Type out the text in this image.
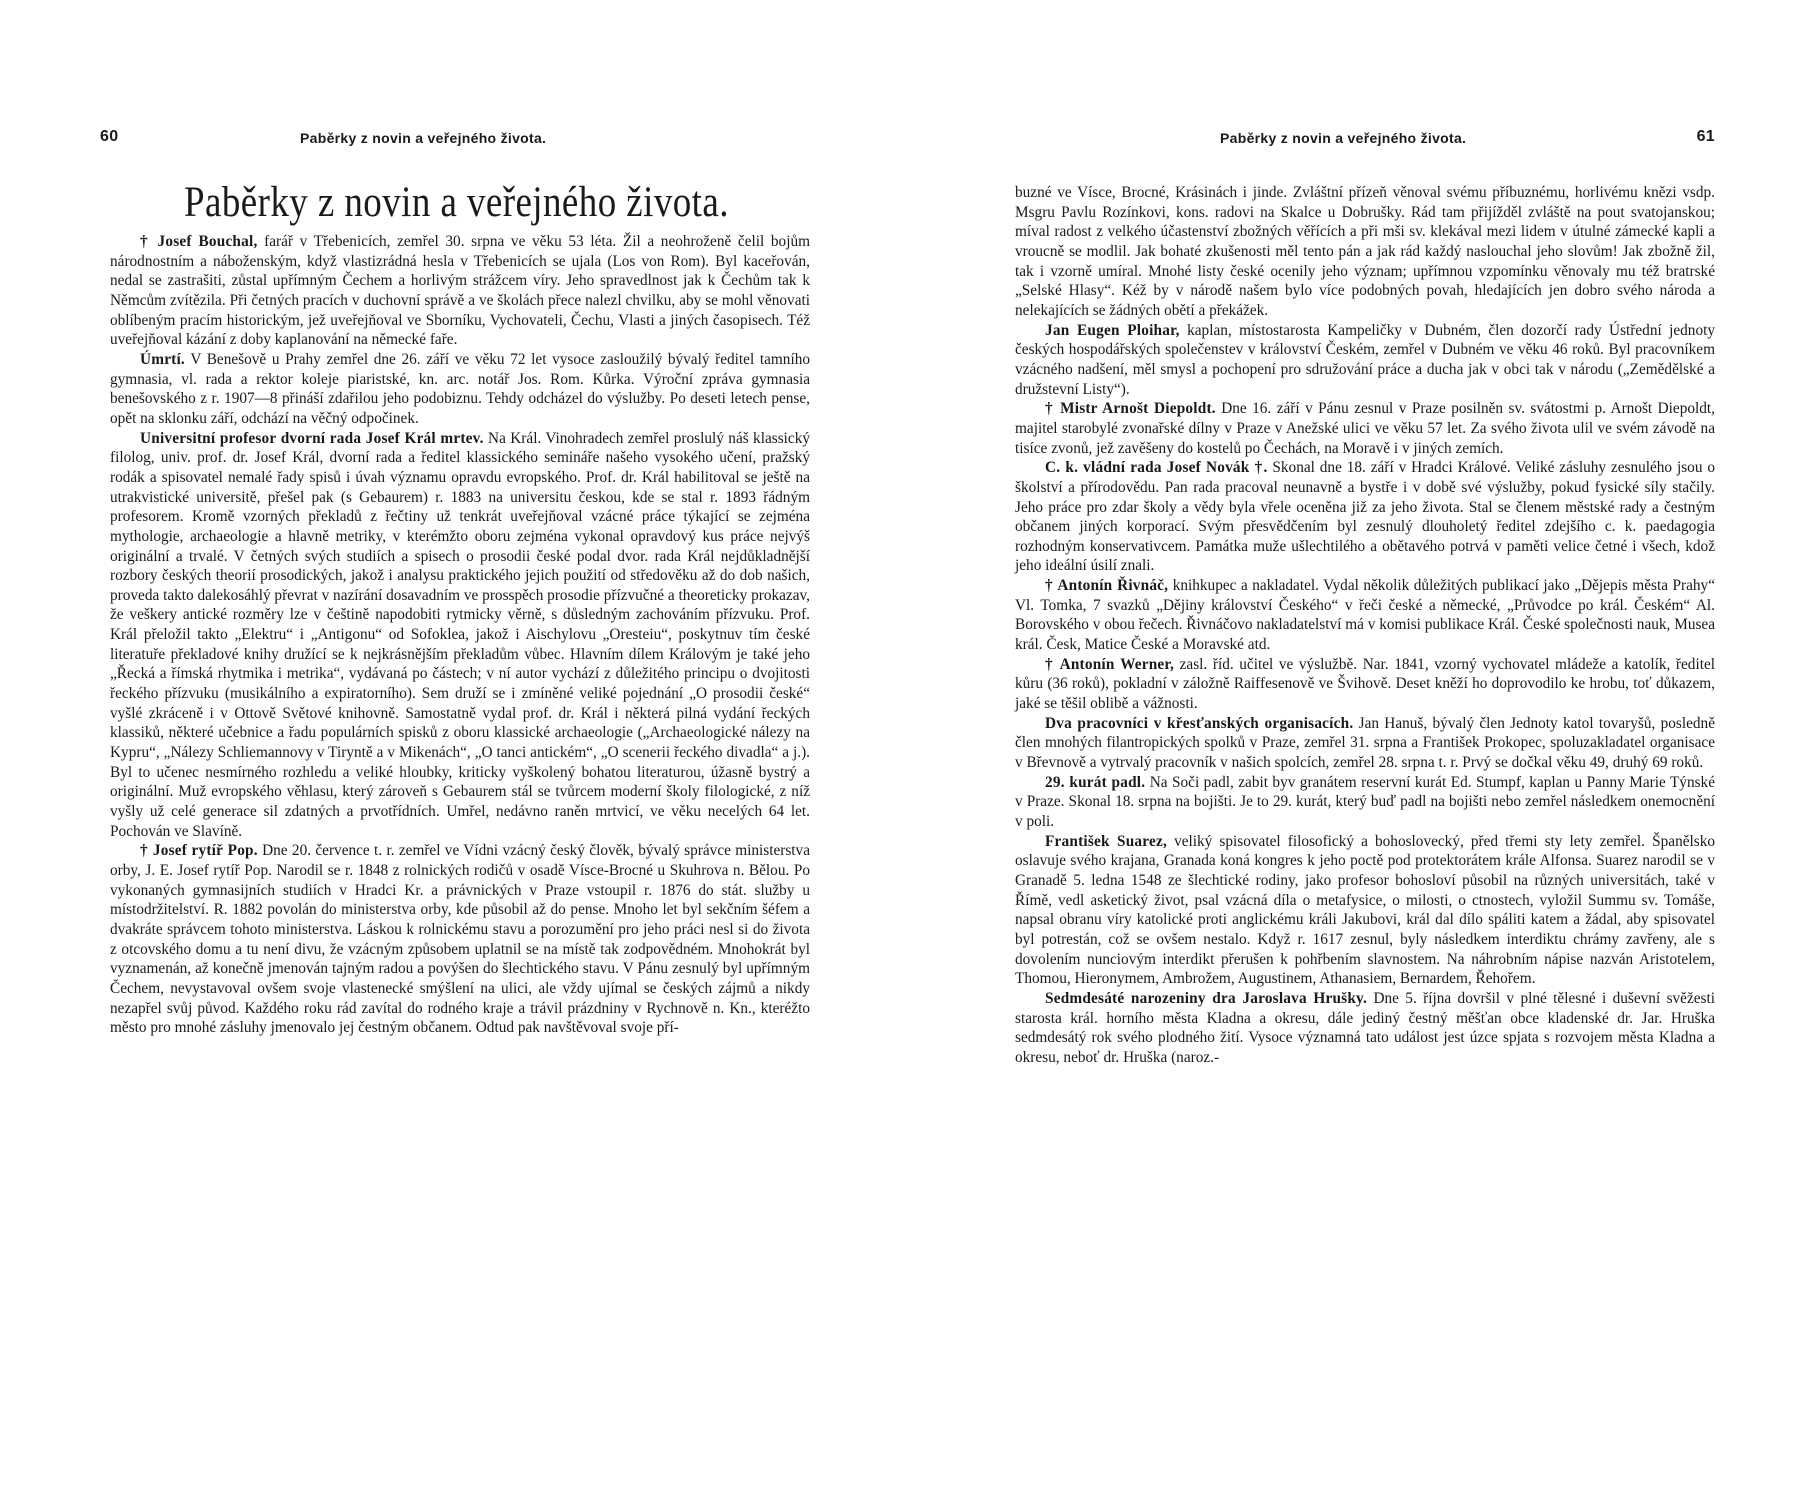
60	Paběrky z novin a veřejného života.
Paběrky z novin a veřejného života.

† Josef Bouchal, farář v Třebenicích, zemřel 30. srpna ve věku 53 léta. Žil a neohroženě čelil bojům národnostním a náboženským, když vlastizrádná hesla v Třebenicích se ujala (Los von Rom). Byl kaceřován, nedal se zastrašiti, zůstal upřímným Čechem a horlivým strážcem víry. Jeho spravedlnost jak k Čechům tak k Němcům zvítězila. Při četných pracích v duchovní správě a ve školách přece nalezl chvilku, aby se mohl věnovati oblíbeným pracím historickým, jež uveřejňoval ve Sborníku, Vychovateli, Čechu, Vlasti a jiných časopisech. Též uveřejňoval kázání z doby kaplanování na německé faře.

Úmrtí. V Benešově u Prahy zemřel dne 26. září ve věku 72 let vysoce zasloužilý bývalý ředitel tamního gymnasia, vl. rada a rektor koleje piaristské, kn. arc. notář Jos. Rom. Kůrka. Výroční zpráva gymnasia benešovského z r. 1907—8 přináší zdařilou jeho podobiznu. Tehdy odcházel do výslužby. Po deseti letech pense, opět na sklonku září, odchází na věčný odpočinek.

Universitní profesor dvorní rada Josef Král mrtev. Na Král. Vinohradech zemřel proslulý náš klassický filolog, univ. prof. dr. Josef Král, dvorní rada a ředitel klassického semináře našeho vysokého učení, pražský rodák a spisovatel nemalé řady spisů i úvah významu opravdu evropského. Prof. dr. Král habilitoval se ještě na utrakvistické universitě, přešel pak (s Gebaurem) r. 1883 na universitu českou, kde se stal r. 1893 řádným profesorem. Kromě vzorných překladů z řečtiny už tenkrát uveřejňoval vzácné práce týkající se zejména mythologie, archaeologie a hlavně metriky, v kterémžto oboru zejména vykonal opravdový kus práce nejvýš originální a trvalé. V četných svých studiích a spisech o prosodii české podal dvor. rada Král nejdůkladnější rozbory českých theorií prosodických, jakož i analysu praktického jejich použití od středověku až do dob našich, proveda takto dalekosáhlý převrat v nazírání dosavadním ve prosspěch prosodie přízvučné a theoreticky prokazav, že veškery antické rozměry lze v češtině napodobiti rytmicky věrně, s důsledným zachováním přízvuku. Prof. Král přeložil takto „Elektru“ i „Antigonu“ od Sofoklea, jakož i Aischylovu „Oresteiu“, poskytnuv tím české literatuře překladové knihy družící se k nejkrásnějším překladům vůbec. Hlavním dílem Královým je také jeho „Řecká a římská rhytmika i metrika“, vydávaná po částech; v ní autor vychází z důležitého principu o dvojitosti řeckého přízvuku (musikálního a expiratorního). Sem druží se i zmíněné veliké pojednání „O prosodii české“ vyšlé zkráceně i v Ottově Světové knihovně. Samostatně vydal prof. dr. Král i některá pilná vydání řeckých klassiků, některé učebnice a řadu populárních spisků z oboru klassické archaeologie („Archaeologické nálezy na Kypru“, „Nálezy Schliemannovy v Tiryntě a v Mikenách“, „O tanci antickém“, „O scenerii řeckého divadla“ a j.). Byl to učenec nesmírného rozhledu a veliké hloubky, kriticky vyškolený bohatou literaturou, úžasně bystrý a originální. Muž evropského věhlasu, který zároveň s Gebaurem stál se tvůrcem moderní školy filologické, z níž vyšly už celé generace sil zdatných a prvotřídních. Umřel, nedávno raněn mrtvicí, ve věku necelých 64 let. Pochován ve Slavíně.

† Josef rytíř Pop. Dne 20. července t. r. zemřel ve Vídni vzácný český člověk, bývalý správce ministerstva orby, J. E. Josef rytíř Pop. Narodil se r. 1848 z rolnických rodičů v osadě Vísce-Brocné u Skuhrova n. Bělou. Po vykonaných gymnasijních studiích v Hradci Kr. a právnických v Praze vstoupil r. 1876 do stát. služby u místodržitelství. R. 1882 povolán do ministerstva orby, kde působil až do pense. Mnoho let byl sekčním šéfem a dvakráte správcem tohoto ministerstva. Láskou k rolnickému stavu a porozumění pro jeho práci nesl si do života z otcovského domu a tu není divu, že vzácným způsobem uplatnil se na místě tak zodpovědném. Mnohokrát byl vyznamenán, až konečně jmenován tajným radou a povýšen do šlechtického stavu. V Pánu zesnulý byl upřímným Čechem, nevystavoval ovšem svoje vlastenecké smýšlení na ulici, ale vždy ujímal se českých zájmů a nikdy nezapřel svůj původ. Každého roku rád zavítal do rodného kraje a trávil prázdniny v Rychnově n. Kn., kteréžto město pro mnohé zásluhy jmenovalo jej čestným občanem. Odtud pak navštěvoval svoje pří-

Paběrky z novin a veřejného života.	61

buzné ve Vísce, Brocné, Krásinách i jinde. Zvláštní přízeň věnoval svému příbuznému, horlivému knězi vsdp. Msgru Pavlu Rozínkovi, kons. radovi na Skalce u Dobrušky. Rád tam přijížděl zvláště na pout svatojanskou; míval radost z velkého účastenství zbožných věřících a při mši sv. klekával mezi lidem v útulné zámecké kapli a vroucně se modlil. Jak bohaté zkušenosti měl tento pán a jak rád každý naslouchal jeho slovům! Jak zbožně žil, tak i vzorně umíral. Mnohé listy české ocenily jeho význam; upřímnou vzpomínku věnovaly mu též bratrské „Selské Hlasy“. Kéž by v národě našem bylo více podobných povah, hledajících jen dobro svého národa a nelekajících se žádných obětí a překážek.

Jan Eugen Ploihar, kaplan, místostarosta Kampeličky v Dubném, člen dozorčí rady Ústřední jednoty českých hospodářských společenstev v království Českém, zemřel v Dubném ve věku 46 roků. Byl pracovníkem vzácného nadšení, měl smysl a pochopení pro sdružování práce a ducha jak v obci tak v národu („Zemědělské a družstevní Listy“).

† Mistr Arnošt Diepoldt. Dne 16. září v Pánu zesnul v Praze posilněn sv. svátostmi p. Arnošt Diepoldt, majitel starobylé zvonařské dílny v Praze v Anežské ulici ve věku 57 let. Za svého života ulil ve svém závodě na tisíce zvonů, jež zavěšeny do kostelů po Čechách, na Moravě i v jiných zemích.

C. k. vládní rada Josef Novák †. Skonal dne 18. září v Hradci Králové. Veliké zásluhy zesnulého jsou o školství a přírodovědu. Pan rada pracoval neunavně a bystře i v době své výslužby, pokud fysické síly stačily. Jeho práce pro zdar školy a vědy byla vřele oceněna již za jeho života. Stal se členem městské rady a čestným občanem jiných korporací. Svým přesvědčením byl zesnulý dlouholetý ředitel zdejšího c. k. paedagogia rozhodným konservativcem. Památka muže ušlechtilého a obětavého potrvá v paměti velice četné i všech, kdož jeho ideální úsilí znali.

† Antonín Řivnáč, knihkupec a nakladatel. Vydal několik důležitých publikací jako „Dějepis města Prahy“ Vl. Tomka, 7 svazků „Dějiny království Českého“ v řeči české a německé, „Průvodce po král. Českém“ Al. Borovského v obou řečech. Řivnáčovo nakladatelství má v komisi publikace Král. České společnosti nauk, Musea král. Česk, Matice České a Moravské atd.

† Antonín Werner, zasl. říd. učitel ve výslužbě. Nar. 1841, vzorný vychovatel mládeže a katolík, ředitel kůru (36 roků), pokladní v záložně Raiffesenově ve Švihově. Deset kněží ho doprovodilo ke hrobu, toť důkazem, jaké se těšil oblibě a vážnosti.

Dva pracovníci v křesťanských organisacích. Jan Hanuš, bývalý člen Jednoty katol tovaryšů, posledně člen mnohých filantropických spolků v Praze, zemřel 31. srpna a František Prokopec, spoluzakladatel organisace v Břevnově a vytrvalý pracovník v našich spolcích, zemřel 28. srpna t. r. Prvý se dočkal věku 49, druhý 69 roků.

29. kurát padl. Na Soči padl, zabit byv granátem reservní kurát Ed. Stumpf, kaplan u Panny Marie Týnské v Praze. Skonal 18. srpna na bojišti. Je to 29. kurát, který buď padl na bojišti nebo zemřel následkem onemocnění v poli.

František Suarez, veliký spisovatel filosofický a bohoslovecký, před třemi sty lety zemřel. Španělsko oslavuje svého krajana, Granada koná kongres k jeho poctě pod protektorátem krále Alfonsa. Suarez narodil se v Granadě 5. ledna 1548 ze šlechtické rodiny, jako profesor bohosloví působil na různých universitách, také v Římě, vedl asketický život, psal vzácná díla o metafysice, o milosti, o ctnostech, vyložil Summu sv. Tomáše, napsal obranu víry katolické proti anglickému králi Jakubovi, král dal dílo spáliti katem a žádal, aby spisovatel byl potrestán, což se ovšem nestalo. Když r. 1617 zesnul, byly následkem interdiktu chrámy zavřeny, ale s dovolením nunciovým interdikt přerušen k pohřbením slavnostem. Na náhrobním nápise nazván Aristotelem, Thomou, Hieronymem, Ambrožem, Augustinem, Athanasiem, Bernardem, Řehořem.

Sedmdesáté narozeniny dra Jaroslava Hrušky. Dne 5. října dovršil v plné tělesné i duševní svěžesti starosta král. horního města Kladna a okresu, dále jediný čestný měšťan obce kladenské dr. Jar. Hruška sedmdesátý rok svého plodného žití. Vysoce významná tato událost jest úzce spjata s rozvojem města Kladna a okresu, neboť dr. Hruška (naroz.-
